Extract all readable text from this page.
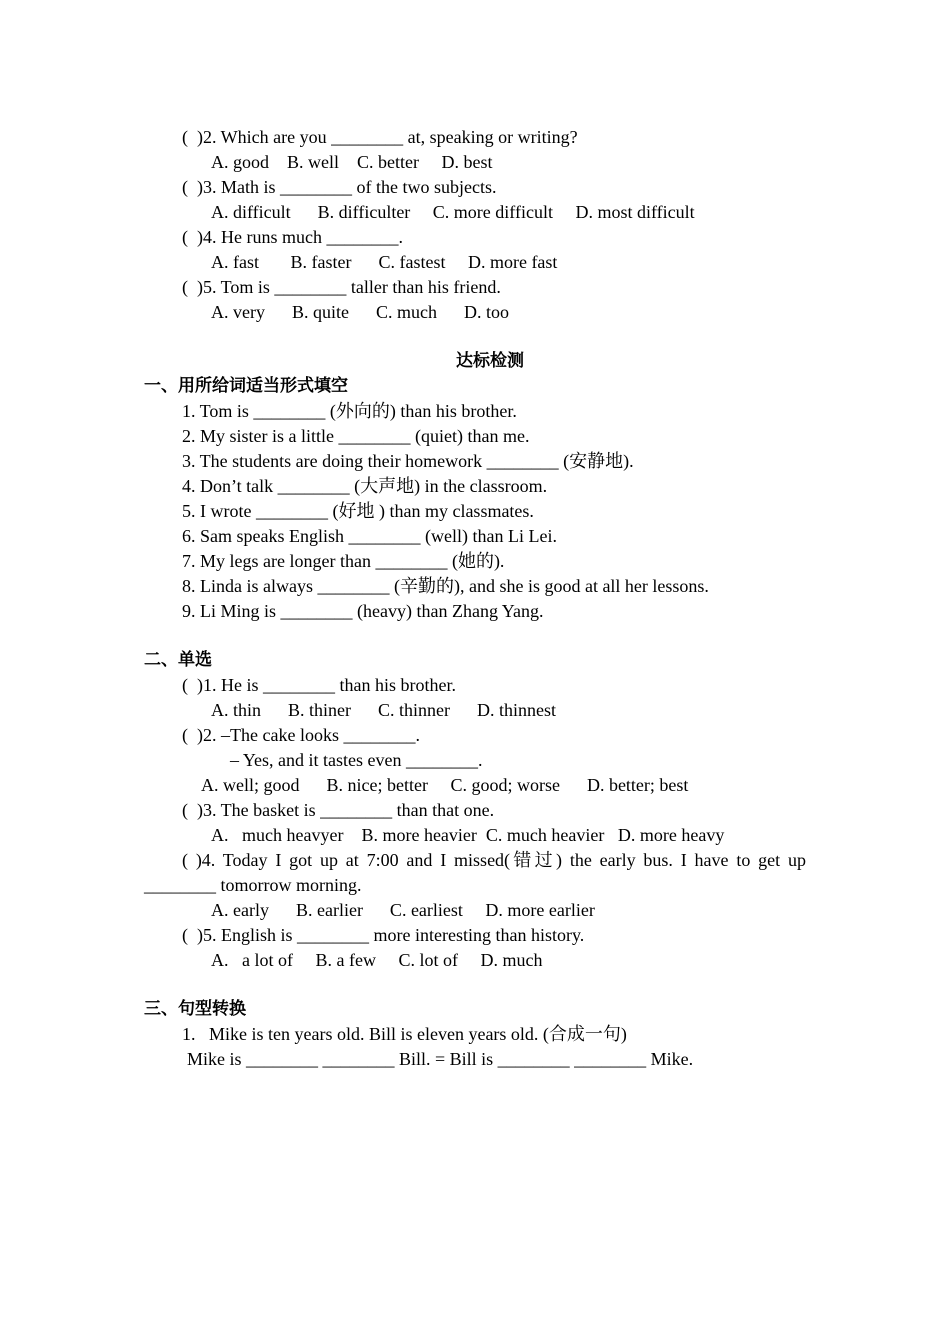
(  )2. Which are you ________ at, speaking or writing?
A. good    B. well    C. better     D. best
(  )3. Math is ________ of the two subjects.
A. difficult      B. difficulter     C. more difficult     D. most difficult
(  )4. He runs much ________.
A. fast       B. faster      C. fastest     D. more fast
(  )5. Tom is ________ taller than his friend.
A. very      B. quite      C. much      D. too
达标检测
一、用所给词适当形式填空
1. Tom is ________ (外向的) than his brother.
2. My sister is a little ________ (quiet) than me.
3. The students are doing their homework ________ (安静地).
4. Don’t talk ________ (大声地) in the classroom.
5. I wrote ________ (好地 ) than my classmates.
6. Sam speaks English ________ (well) than Li Lei.
7. My legs are longer than ________ (她的).
8. Linda is always ________ (辛勤的), and she is good at all her lessons.
9. Li Ming is ________ (heavy) than Zhang Yang.
二、单选
(  )1. He is ________ than his brother.
A. thin      B. thiner      C. thinner      D. thinnest
(  )2. –The cake looks ________.
– Yes, and it tastes even ________.
A. well; good      B. nice; better     C. good; worse      D. better; best
(  )3. The basket is ________ than that one.
A.   much heavyer    B. more heavier  C. much heavier   D. more heavy
( )4. Today I got up at 7:00 and I missed(错过) the early bus. I have to get up
________ tomorrow morning.
A. early      B. earlier      C. earliest     D. more earlier
(  )5. English is ________ more interesting than history.
A.   a lot of     B. a few     C. lot of     D. much
三、句型转换
1.   Mike is ten years old. Bill is eleven years old. (合成一句)
Mike is ________ ________ Bill. = Bill is ________ ________ Mike.
